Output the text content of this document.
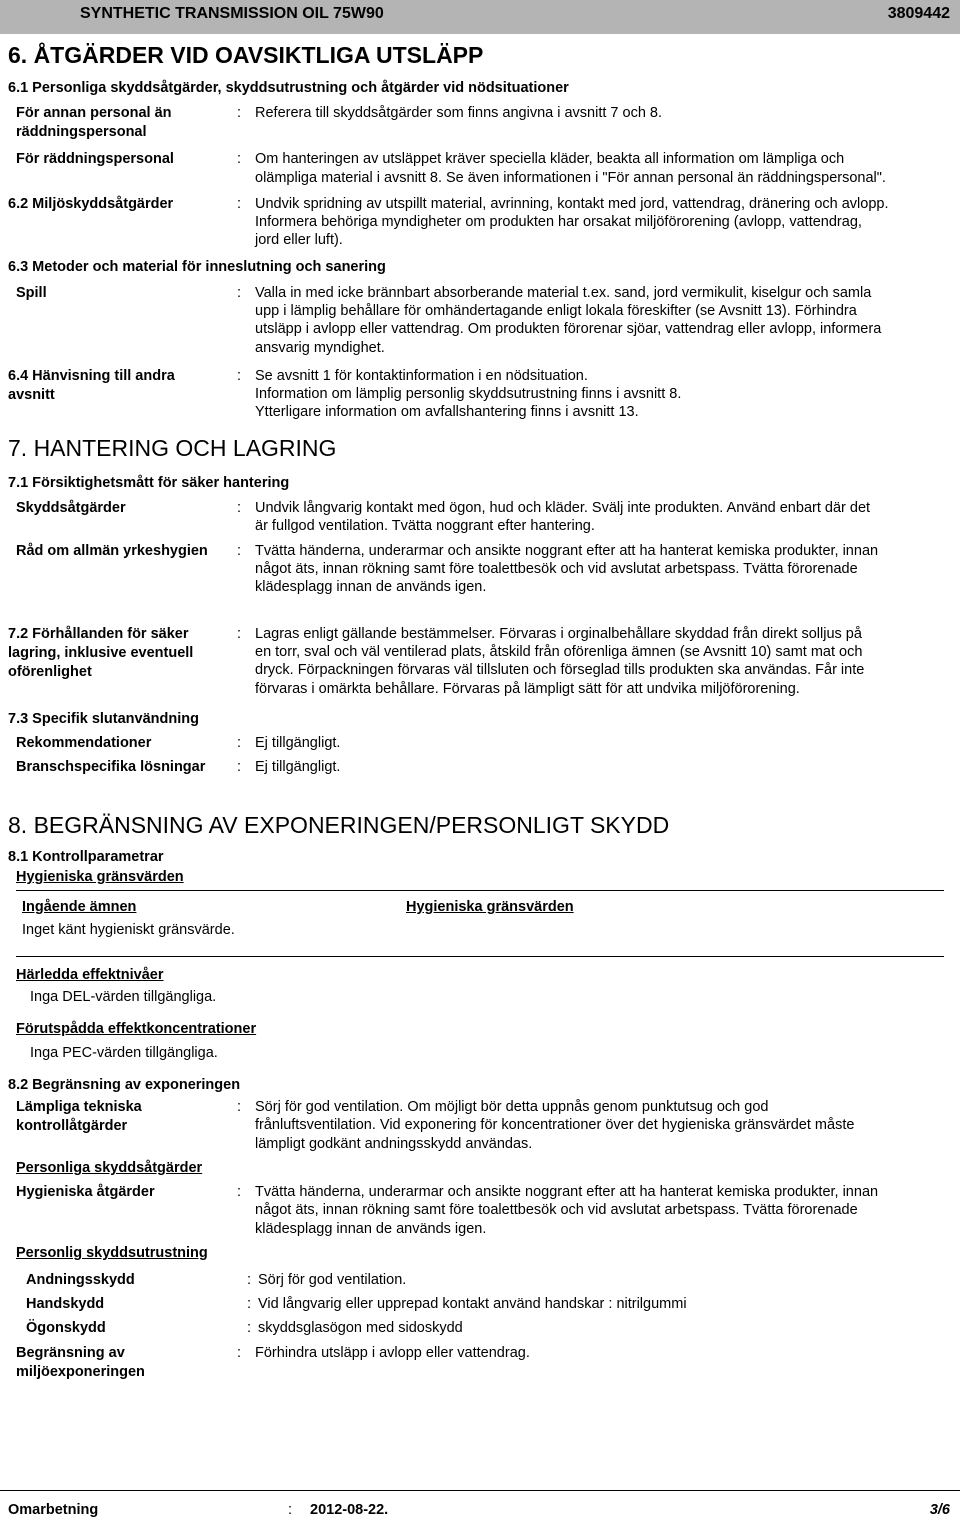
SYNTHETIC TRANSMISSION OIL 75W90	3809442
6. ÅTGÄRDER VID OAVSIKTLIGA UTSLÄPP
6.1 Personliga skyddsåtgärder, skyddsutrustning och åtgärder vid nödsituationer
För annan personal än
räddningspersonal
: Referera till skyddsåtgärder som finns angivna i avsnitt 7 och 8.
För räddningspersonal	: Om hanteringen av utsläppet kräver speciella kläder, beakta all information om lämpliga och
olämpliga material i avsnitt 8. Se även informationen i "För annan personal än räddningspersonal".
6.2 Miljöskyddsåtgärder	: Undvik spridning av utspillt material, avrinning, kontakt med jord, vattendrag, dränering och avlopp.
Informera behöriga myndigheter om produkten har orsakat miljöförorening (avlopp, vattendrag,
jord eller luft).
6.3 Metoder och material för inneslutning och sanering
Spill	: Valla in med icke brännbart absorberande material t.ex. sand, jord vermikulit, kiselgur och samla
upp i lämplig behållare för omhändertagande enligt lokala föreskifter (se Avsnitt 13). Förhindra
utsläpp i avlopp eller vattendrag. Om produkten förorenar sjöar, vattendrag eller avlopp, informera
ansvarig myndighet.
6.4 Hänvisning till andra
avsnitt
: Se avsnitt 1 för kontaktinformation i en nödsituation.
Information om lämplig personlig skyddsutrustning finns i avsnitt 8.
Ytterligare information om avfallshantering finns i avsnitt 13.
7. HANTERING OCH LAGRING
7.1 Försiktighetsmått för säker hantering
Skyddsåtgärder	: Undvik långvarig kontakt med ögon, hud och kläder. Svälj inte produkten. Använd enbart där det
är fullgod ventilation. Tvätta noggrant efter hantering.
Råd om allmän yrkeshygien : Tvätta händerna, underarmar och ansikte noggrant efter att ha hanterat kemiska produkter, innan
något äts, innan rökning samt före toalettbesök och vid avslutat arbetspass. Tvätta förorenade
klädesplagg innan de används igen.
7.2 Förhållanden för säker
lagring, inklusive eventuell
oförenlighet
: Lagras enligt gällande bestämmelser. Förvaras i orginalbehållare skyddad från direkt solljus på
en torr, sval och väl ventilerad plats, åtskild från oförenliga ämnen (se Avsnitt 10) samt mat och
dryck. Förpackningen förvaras väl tillsluten och förseglad tills produkten ska användas. Får inte
förvaras i omärkta behållare. Förvaras på lämpligt sätt för att undvika miljöförorening.
7.3 Specifik slutanvändning
Rekommendationer	: Ej tillgängligt.
Branschspecifika lösningar : Ej tillgängligt.
8. BEGRÄNSNING AV EXPONERINGEN/PERSONLIGT SKYDD
8.1 Kontrollparametrar
Hygieniska gränsvärden
Ingående ämnen	Hygieniska gränsvärden
Inget känt hygieniskt gränsvärde.
Härledda effektnivåer
Inga DEL-värden tillgängliga.
Förutspådda effektkoncentrationer
Inga PEC-värden tillgängliga.
8.2 Begränsning av exponeringen
Lämpliga tekniska
kontrollåtgärder
: Sörj för god ventilation. Om möjligt bör detta uppnås genom punktutsug och god
frånluftsventilation. Vid exponering för koncentrationer över det hygieniska gränsvärdet måste
lämpligt godkänt andningsskydd användas.
Personliga skyddsåtgärder
Hygieniska åtgärder	: Tvätta händerna, underarmar och ansikte noggrant efter att ha hanterat kemiska produkter, innan
något äts, innan rökning samt före toalettbesök och vid avslutat arbetspass. Tvätta förorenade
klädesplagg innan de används igen.
Personlig skyddsutrustning
Andningsskydd	: Sörj för god ventilation.
Handskydd	: Vid långvarig eller upprepad kontakt använd handskar : nitrilgummi
Ögonskydd	: skyddsglasögon med sidoskydd
Begränsning av
miljöexponeringen
: Förhindra utsläpp i avlopp eller vattendrag.
Omarbetning	: 2012-08-22.	3/6
